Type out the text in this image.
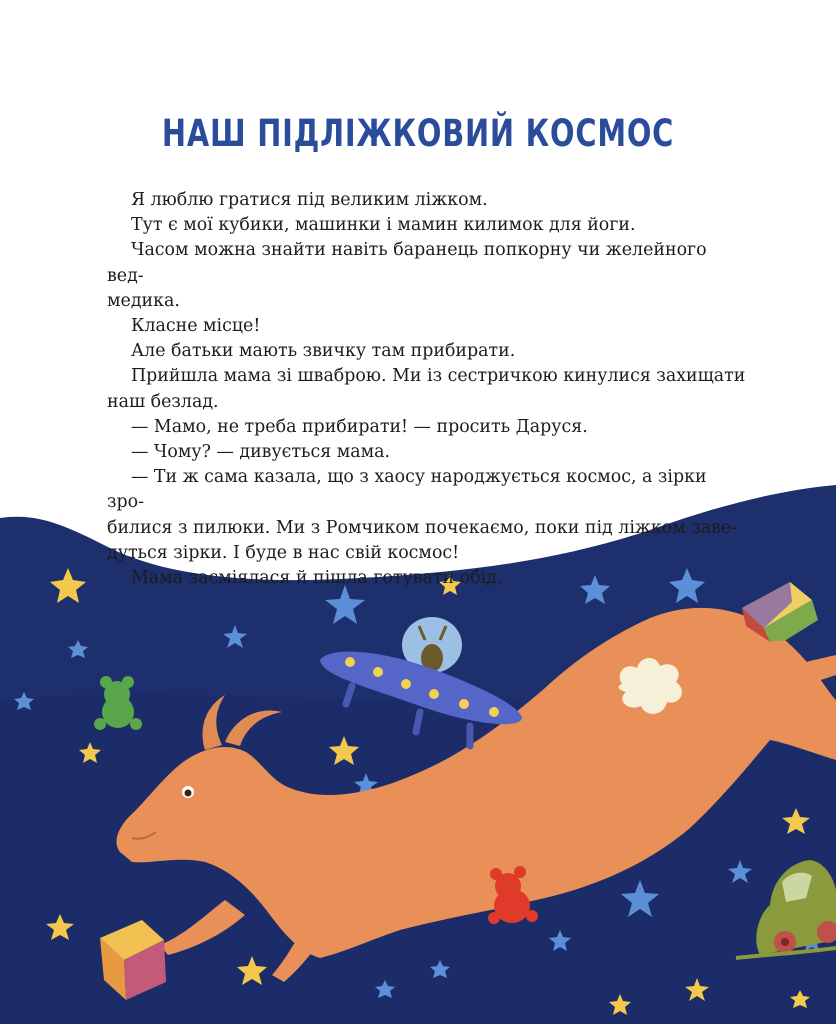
НАШ ПІДЛІЖКОВИЙ КОСМОС

Я люблю гратися під великим ліжком.

Тут є мої кубики, машинки і мамин килимок для йоги.

Часом можна знайти навіть баранець попкорну чи желейного вед-

медика.

Класне місце!

Але батьки мають звичку там прибирати.

Прийшла мама зі шваброю. Ми із сестричкою кинулися захищати

наш безлад.

— Мамо, не треба прибирати! — просить Даруся.

— Чому? — дивується мама.

— Ти ж сама казала, що з хаосу народжується космос, а зірки зро-

билися з пилюки. Ми з Ромчиком почекаємо, поки під ліжком заве-

дуться зірки. І буде в нас свій космос!

Мама засміялася й пішла готувати обід.
